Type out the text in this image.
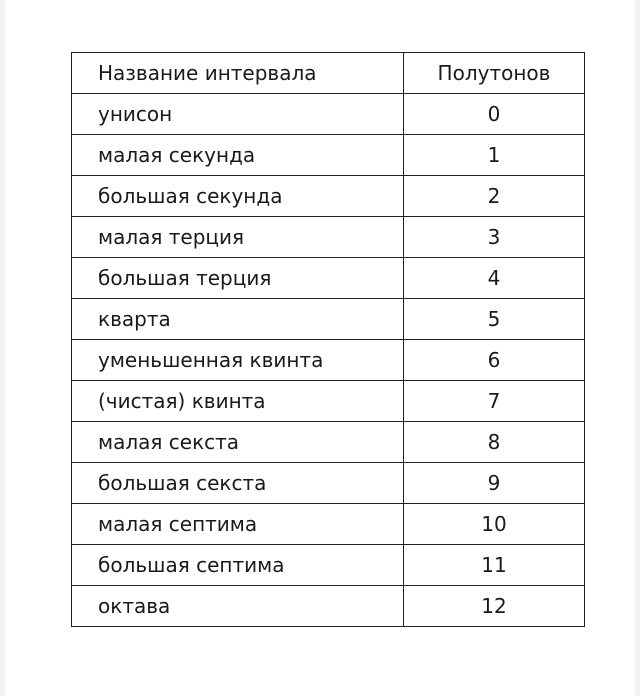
Название интервала	Полутонов
унисон	0
малая секунда	1
большая секунда	2
малая терция	3
большая терция	4
кварта	5
уменьшенная квинта	6
(чистая) квинта	7
малая секста	8
большая секста	9
малая септима	10
большая септима	11
октава	12
